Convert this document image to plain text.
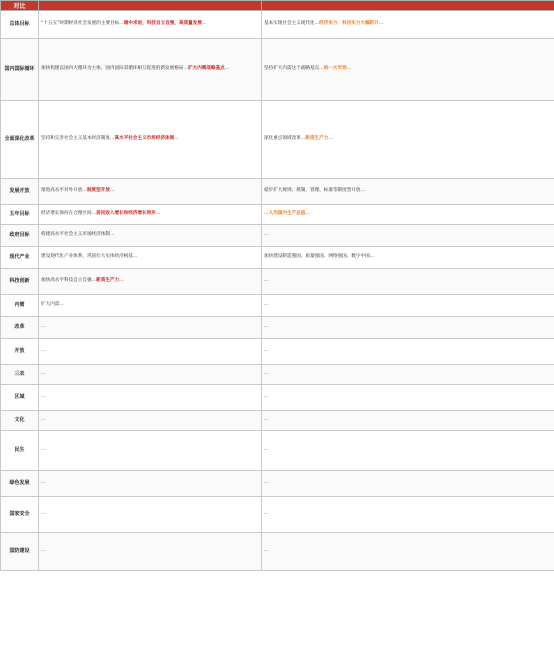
对比		
总体目标	“十五五”时期经济社会发展的主要目标…稳中求进，科技自立自强，高质量发展…	基本实现社会主义现代化…经济实力、科技实力大幅跃升…
国内国际循环	加快构建以国内大循环为主体、国内国际双循环相互促进的新发展格局…扩大内需战略基点…	坚持扩大内需这个战略基点…统一大市场…
全面深化改革	坚持和完善社会主义基本经济制度…高水平社会主义市场经济体制…	深化重点领域改革…新质生产力…
发展开放	推进高水平对外开放…制度型开放…	稳步扩大规则、规制、管理、标准等制度型开放…
五年目标	经济增长保持在合理区间…居民收入增长和经济增长同步…	…人均国内生产总值…
政府目标	构建高水平社会主义市场经济体制…	…
现代产业	建设现代化产业体系，巩固壮大实体经济根基…	加快建设制造强国、质量强国、网络强国、数字中国…
科技创新	加快高水平科技自立自强…新质生产力…	…
内需	扩大内需…	…
改革	…	…
开放	…	…
三农	…	…
区域	…	…
文化	…	…
民生	…	…
绿色发展	…	…
国家安全	…	…
国防建设	…	…
